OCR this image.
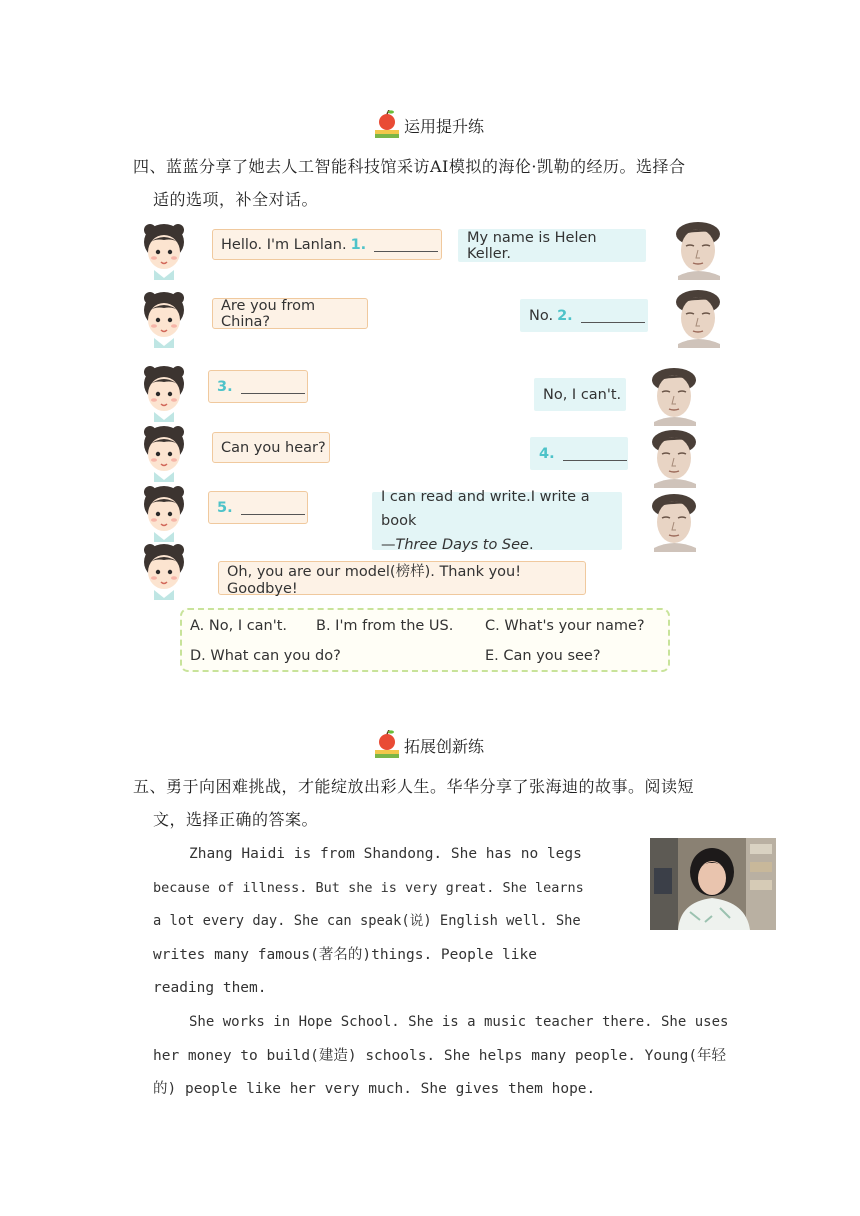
运用提升练
四、蓝蓝分享了她去人工智能科技馆采访AI模拟的海伦·凯勒的经历。选择合
适的选项，补全对话。
Hello. I'm Lanlan. 1.	My name is Helen Keller.
Are you from China?	No. 2.
3.	No, I can't.
Can you hear?	4.
5.
I can read and write.I write a book
—Three Days to See.
Oh, you are our model(榜样). Thank you! Goodbye!
A. No, I can't. B. I'm from the US. C. What's your name?
D. What can you do?	E. Can you see?
拓展创新练
五、勇于向困难挑战，才能绽放出彩人生。华华分享了张海迪的故事。阅读短
文，选择正确的答案。
Zhang Haidi is from Shandong. She has no legs
because of illness. But she is very great. She learns
a lot every day. She can speak(说) English well. She
writes many famous(著名的)things. People like
reading them.
She works in Hope School. She is a music teacher there. She uses
her money to build(建造) schools. She helps many people. Young(年轻
的) people like her very much. She gives them hope.
